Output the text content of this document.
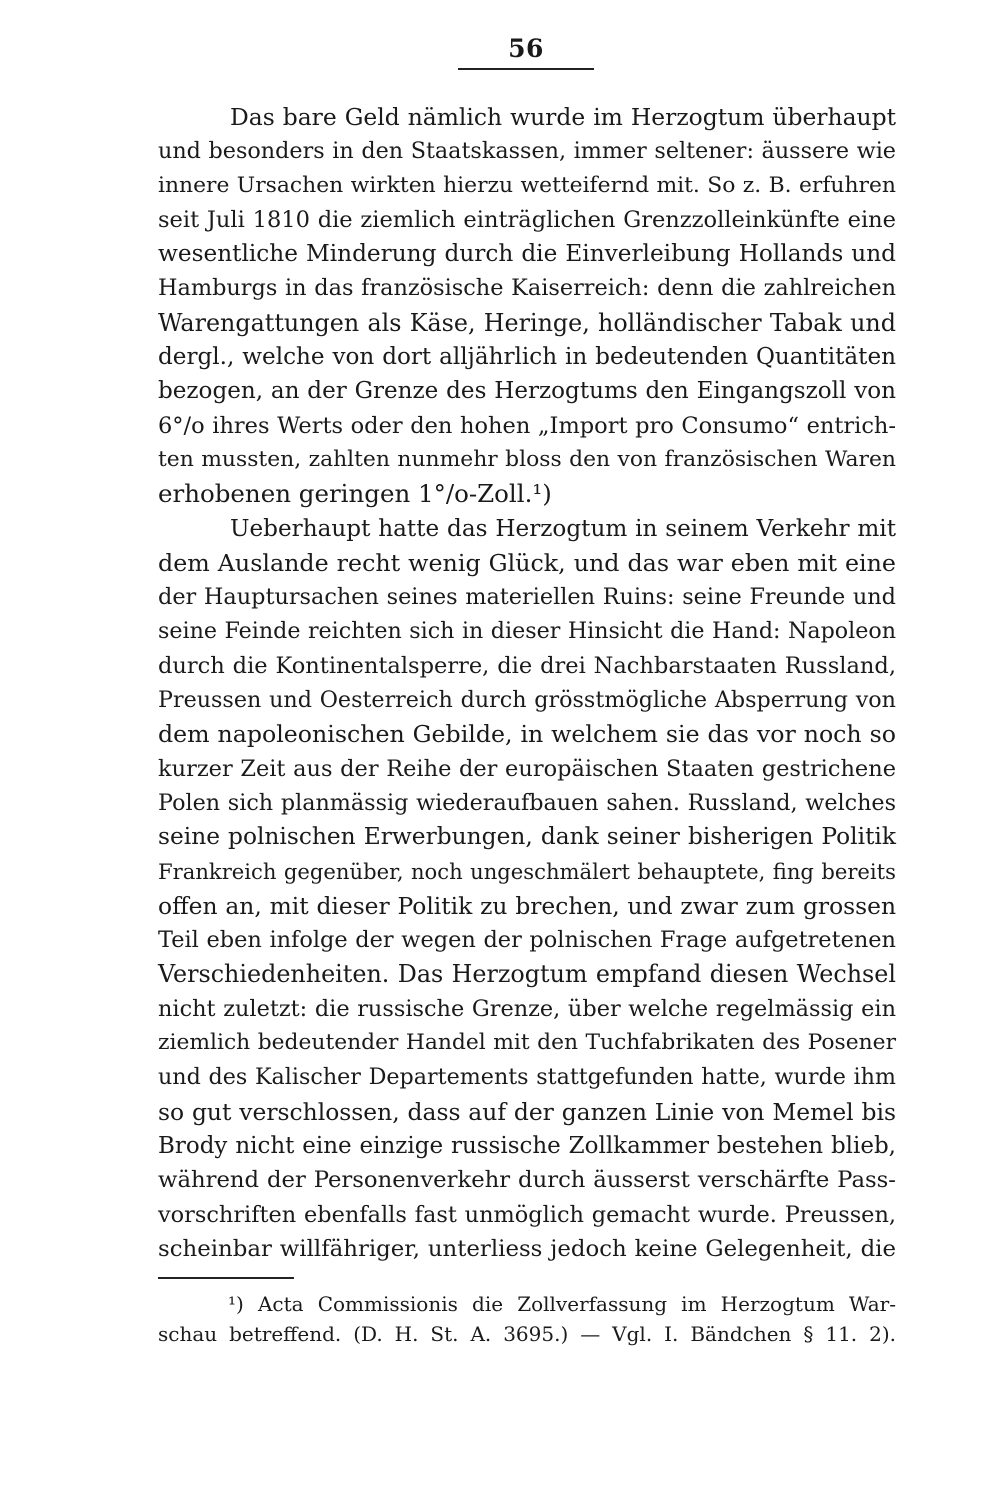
56
Das bare Geld nämlich wurde im Herzogtum überhaupt
und besonders in den Staatskassen, immer seltener: äussere wie
innere Ursachen wirkten hierzu wetteifernd mit. So z. B. erfuhren
seit Juli 1810 die ziemlich einträglichen Grenzzolleinkünfte eine
wesentliche Minderung durch die Einverleibung Hollands und
Hamburgs in das französische Kaiserreich: denn die zahlreichen
Warengattungen als Käse, Heringe, holländischer Tabak und
dergl., welche von dort alljährlich in bedeutenden Quantitäten
bezogen, an der Grenze des Herzogtums den Eingangszoll von
6°/o ihres Werts oder den hohen „Import pro Consumo“ entrich-
ten mussten, zahlten nunmehr bloss den von französischen Waren
erhobenen geringen 1°/o-Zoll.¹)
Ueberhaupt hatte das Herzogtum in seinem Verkehr mit
dem Auslande recht wenig Glück, und das war eben mit eine
der Hauptursachen seines materiellen Ruins: seine Freunde und
seine Feinde reichten sich in dieser Hinsicht die Hand: Napoleon
durch die Kontinentalsperre, die drei Nachbarstaaten Russland,
Preussen und Oesterreich durch grösstmögliche Absperrung von
dem napoleonischen Gebilde, in welchem sie das vor noch so
kurzer Zeit aus der Reihe der europäischen Staaten gestrichene
Polen sich planmässig wiederaufbauen sahen. Russland, welches
seine polnischen Erwerbungen, dank seiner bisherigen Politik
Frankreich gegenüber, noch ungeschmälert behauptete, fing bereits
offen an, mit dieser Politik zu brechen, und zwar zum grossen
Teil eben infolge der wegen der polnischen Frage aufgetretenen
Verschiedenheiten. Das Herzogtum empfand diesen Wechsel
nicht zuletzt: die russische Grenze, über welche regelmässig ein
ziemlich bedeutender Handel mit den Tuchfabrikaten des Posener
und des Kalischer Departements stattgefunden hatte, wurde ihm
so gut verschlossen, dass auf der ganzen Linie von Memel bis
Brody nicht eine einzige russische Zollkammer bestehen blieb,
während der Personenverkehr durch äusserst verschärfte Pass-
vorschriften ebenfalls fast unmöglich gemacht wurde. Preussen,
scheinbar willfähriger, unterliess jedoch keine Gelegenheit, die
¹) Acta Commissionis die Zollverfassung im Herzogtum War-
schau betreffend. (D. H. St. A. 3695.) — Vgl. I. Bändchen § 11. 2).
